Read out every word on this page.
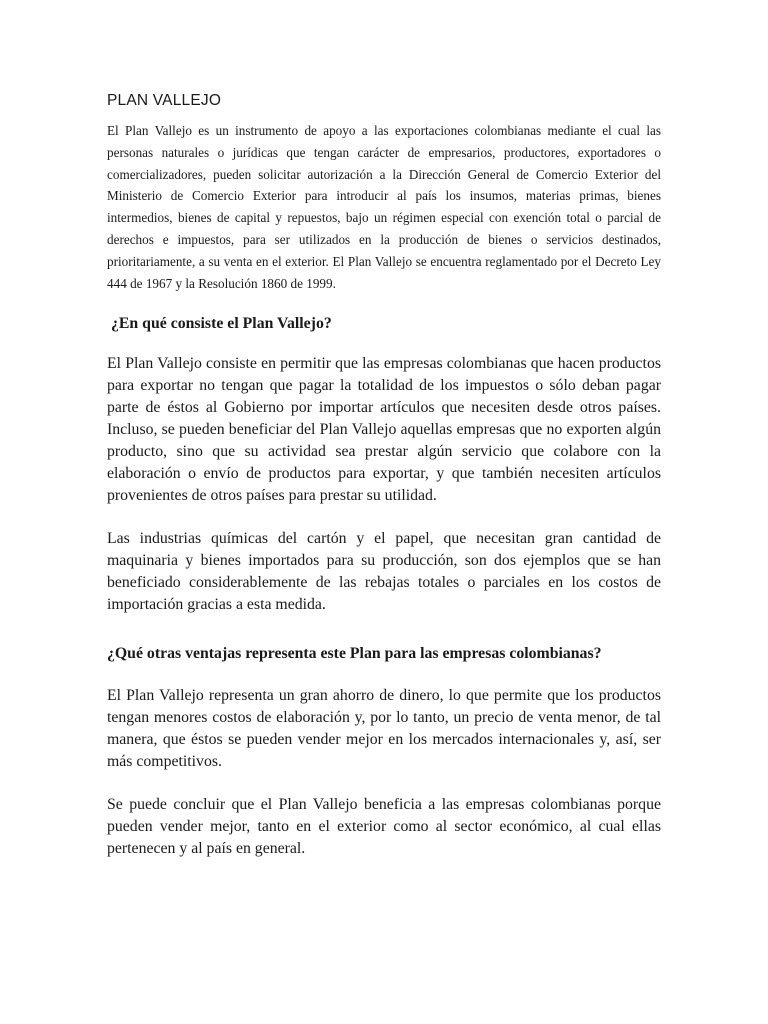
PLAN VALLEJO

El Plan Vallejo es un instrumento de apoyo a las exportaciones colombianas mediante el cual las personas naturales o jurídicas que tengan carácter de empresarios, productores, exportadores o comercializadores, pueden solicitar autorización a la Dirección General de Comercio Exterior del Ministerio de Comercio Exterior para introducir al país los insumos, materias primas, bienes intermedios, bienes de capital y repuestos, bajo un régimen especial con exención total o parcial de derechos e impuestos, para ser utilizados en la producción de bienes o servicios destinados, prioritariamente, a su venta en el exterior. El Plan Vallejo se encuentra reglamentado por el Decreto Ley 444 de 1967 y la Resolución 1860 de 1999.

¿En qué consiste el Plan Vallejo?

El Plan Vallejo consiste en permitir que las empresas colombianas que hacen productos para exportar no tengan que pagar la totalidad de los impuestos o sólo deban pagar parte de éstos al Gobierno por importar artículos que necesiten desde otros países. Incluso, se pueden beneficiar del Plan Vallejo aquellas empresas que no exporten algún producto, sino que su actividad sea prestar algún servicio que colabore con la elaboración o envío de productos para exportar, y que también necesiten artículos provenientes de otros países para prestar su utilidad.

Las industrias químicas del cartón y el papel, que necesitan gran cantidad de maquinaria y bienes importados para su producción, son dos ejemplos que se han beneficiado considerablemente de las rebajas totales o parciales en los costos de importación gracias a esta medida.

¿Qué otras ventajas representa este Plan para las empresas colombianas?

El Plan Vallejo representa un gran ahorro de dinero, lo que permite que los productos tengan menores costos de elaboración y, por lo tanto, un precio de venta menor, de tal manera, que éstos se pueden vender mejor en los mercados internacionales y, así, ser más competitivos.

Se puede concluir que el Plan Vallejo beneficia a las empresas colombianas porque pueden vender mejor, tanto en el exterior como al sector económico, al cual ellas pertenecen y al país en general.
